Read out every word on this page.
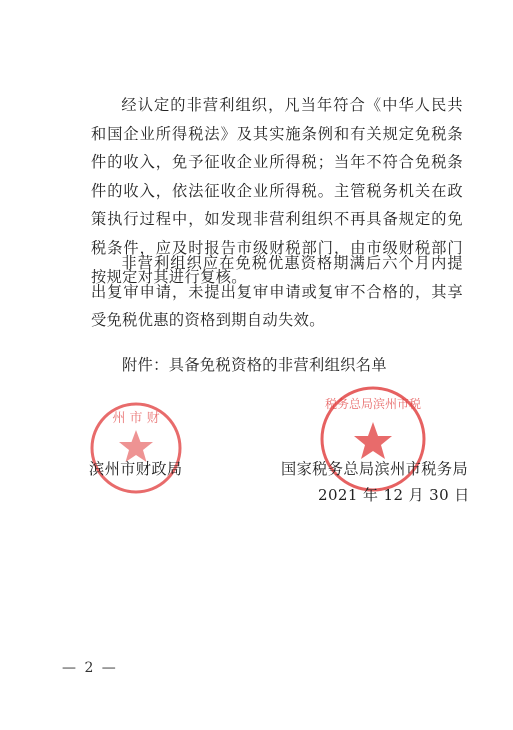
经认定的非营利组织，凡当年符合《中华人民共和国企业所得税法》及其实施条例和有关规定免税条件的收入，免予征收企业所得税；当年不符合免税条件的收入，依法征收企业所得税。主管税务机关在政策执行过程中，如发现非营利组织不再具备规定的免税条件，应及时报告市级财税部门，由市级财税部门按规定对其进行复核。

非营利组织应在免税优惠资格期满后六个月内提出复审申请，未提出复审申请或复审不合格的，其享受免税优惠的资格到期自动失效。

附件：具备免税资格的非营利组织名单
州 市 财
税务总局滨州市税
滨州市财政局	国家税务总局滨州市税务局
2021 年 12 月 30 日
— 2 —
